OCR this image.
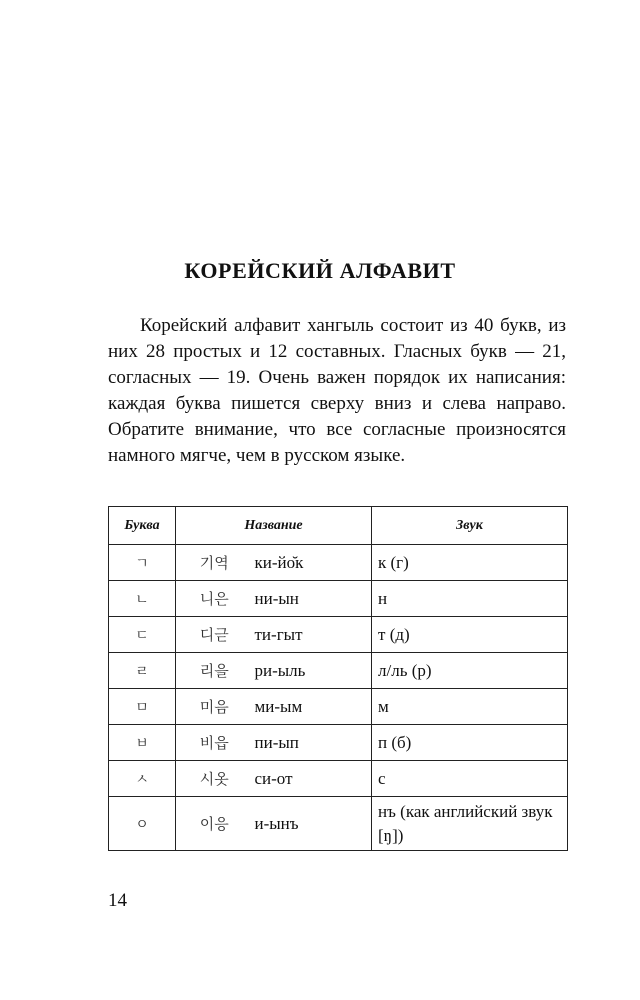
КОРЕЙСКИЙ АЛФАВИТ

Корейский алфавит хангыль состоит из 40 букв, из них 28 простых и 12 составных. Гласных букв — 21, согласных — 19. Очень важен порядок их написания: каждая буква пишется сверху вниз и слева направо. Обратите внимание, что все согласные произносятся намного мягче, чем в русском языке.

Буква	Название		Звук
ㄱ	기역	ки-йо̆к	к (г)
ㄴ	니은	ни-ын	н
ㄷ	디귿	ти-гыт	т (д)
ㄹ	리을	ри-ыль	л/ль (р)
ㅁ	미음	ми-ым	м
ㅂ	비읍	пи-ып	п (б)
ㅅ	시옷	си-от	с
ㅇ	이응	и-ынъ	нъ (как английский звук [ŋ])

14
